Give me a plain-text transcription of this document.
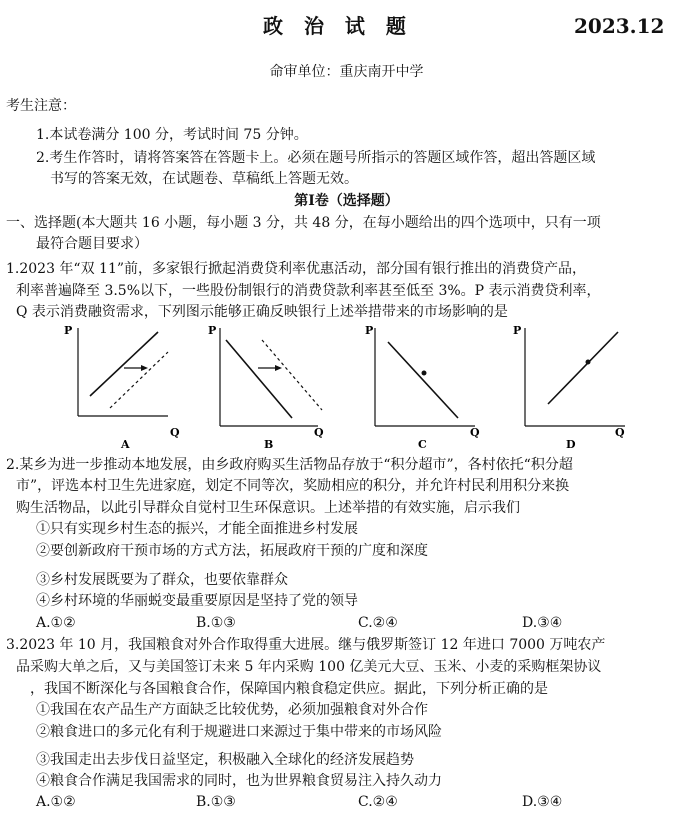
政 治 试 题	2023.12
命审单位：重庆南开中学
考生注意：
1.本试卷满分 100 分，考试时间 75 分钟。
2.考生作答时，请将答案答在答题卡上。必须在题号所指示的答题区域作答，超出答题区域
书写的答案无效，在试题卷、草稿纸上答题无效。
第Ⅰ卷（选择题）
一、选择题(本大题共 16 小题，每小题 3 分，共 48 分，在每小题给出的四个选项中，只有一项
最符合题目要求）
1.2023 年“双 11”前，多家银行掀起消费贷利率优惠活动，部分国有银行推出的消费贷产品，
利率普遍降至 3.5%以下，一些股份制银行的消费贷款利率甚至低至 3%。P 表示消费贷利率，
Q 表示消费融资需求，下列图示能够正确反映银行上述举措带来的市场影响的是
P
Q
A
P
Q
B
P
Q
C
P
Q
D
2.某乡为进一步推动本地发展，由乡政府购买生活物品存放于“积分超市”，各村依托“积分超
市”，评选本村卫生先进家庭，划定不同等次，奖励相应的积分，并允许村民利用积分来换
购生活物品，以此引导群众自觉村卫生环保意识。上述举措的有效实施，启示我们
①只有实现乡村生态的振兴，才能全面推进乡村发展
②要创新政府干预市场的方式方法，拓展政府干预的广度和深度
③乡村发展既要为了群众，也要依靠群众
④乡村环境的华丽蜕变最重要原因是坚持了党的领导
A.①②	B.①③	C.②④	D.③④
3.2023 年 10 月，我国粮食对外合作取得重大进展。继与俄罗斯签订 12 年进口 7000 万吨农产
品采购大单之后，又与美国签订未来 5 年内采购 100 亿美元大豆、玉米、小麦的采购框架协议
，我国不断深化与各国粮食合作，保障国内粮食稳定供应。据此，下列分析正确的是
①我国在农产品生产方面缺乏比较优势，必须加强粮食对外合作
②粮食进口的多元化有利于规避进口来源过于集中带来的市场风险
③我国走出去步伐日益坚定，积极融入全球化的经济发展趋势
④粮食合作满足我国需求的同时，也为世界粮食贸易注入持久动力
A.①②	B.①③	C.②④	D.③④
